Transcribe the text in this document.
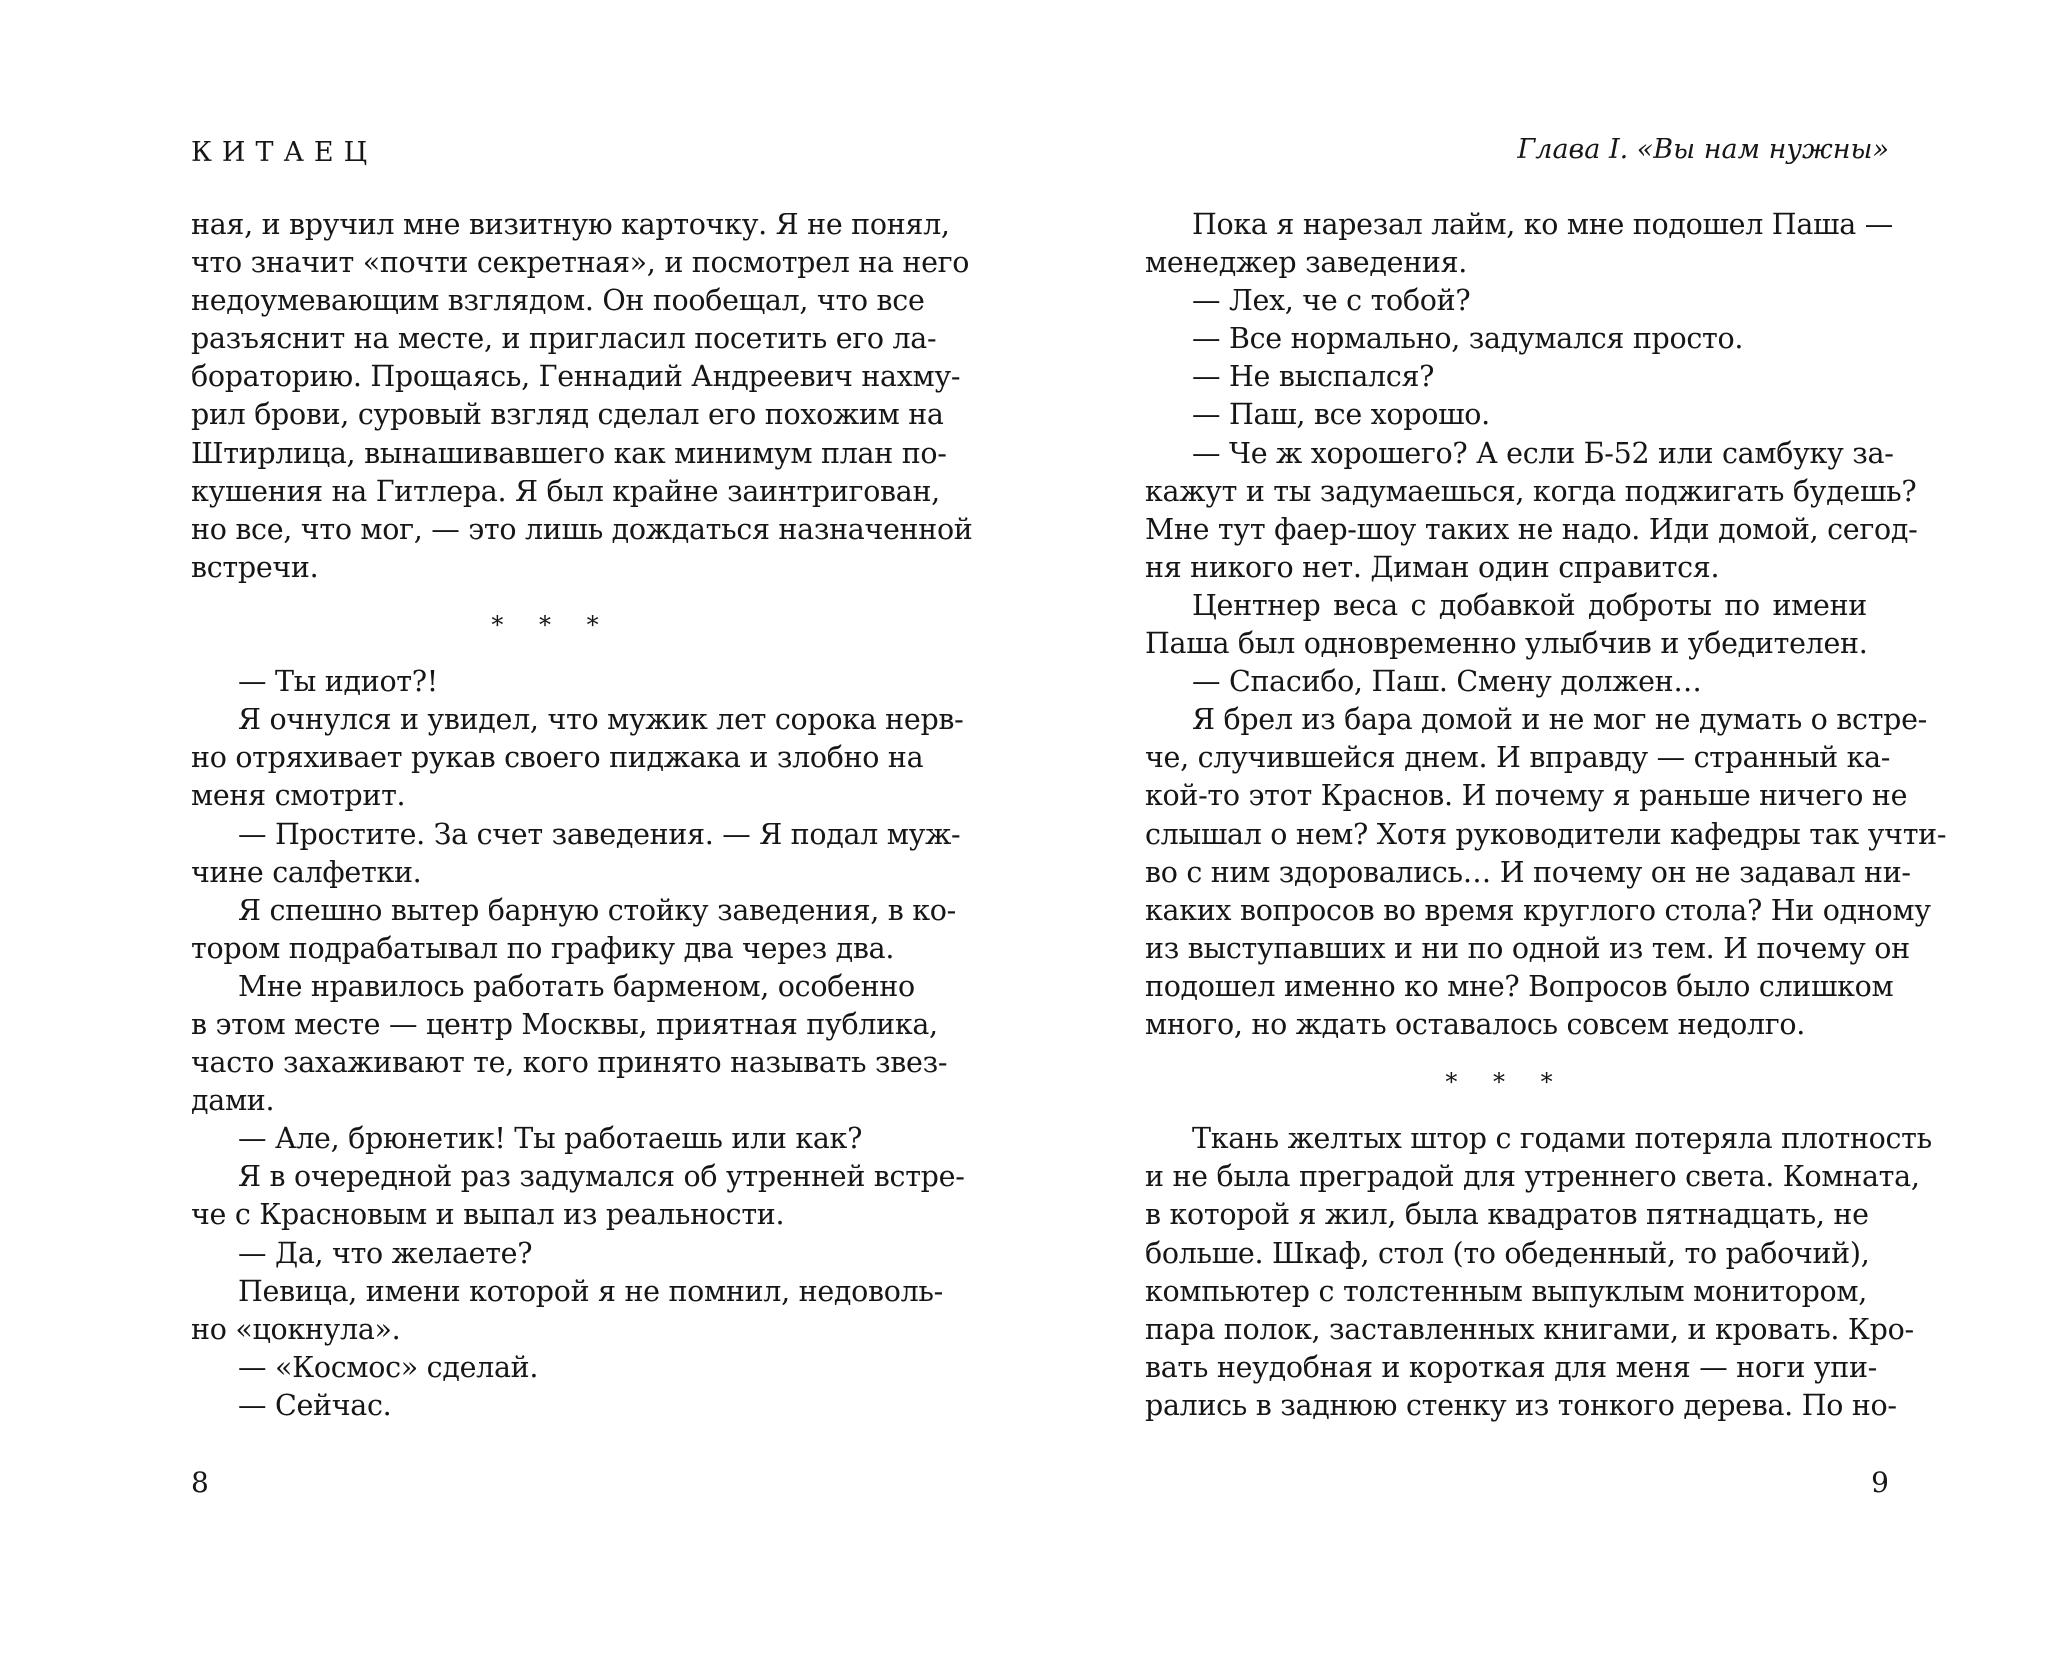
КИТАЕЦ
ная, и вручил мне визитную карточку. Я не понял,
что значит «почти секретная», и посмотрел на него
недоумевающим взглядом. Он пообещал, что все
разъяснит на месте, и пригласил посетить его ла-
бораторию. Прощаясь, Геннадий Андреевич нахму-
рил брови, суровый взгляд сделал его похожим на
Штирлица, вынашивавшего как минимум план по-
кушения на Гитлера. Я был крайне заинтригован,
но все, что мог, — это лишь дождаться назначенной
встречи.
* * *
— Ты идиот?!
Я очнулся и увидел, что мужик лет сорока нерв-
но отряхивает рукав своего пиджака и злобно на
меня смотрит.
— Простите. За счет заведения. — Я подал муж-
чине салфетки.
Я спешно вытер барную стойку заведения, в ко-
тором подрабатывал по графику два через два.
Мне нравилось работать барменом, особенно
в этом месте — центр Москвы, приятная публика,
часто захаживают те, кого принято называть звез-
дами.
— Але, брюнетик! Ты работаешь или как?
Я в очередной раз задумался об утренней встре-
че с Красновым и выпал из реальности.
— Да, что желаете?
Певица, имени которой я не помнил, недоволь-
но «цокнула».
— «Космос» сделай.
— Сейчас.
8
Глава I. «Вы нам нужны»
Пока я нарезал лайм, ко мне подошел Паша —
менеджер заведения.
— Лех, че с тобой?
— Все нормально, задумался просто.
— Не выспался?
— Паш, все хорошо.
— Че ж хорошего? А если Б-52 или самбуку за-
кажут и ты задумаешься, когда поджигать будешь?
Мне тут фаер-шоу таких не надо. Иди домой, сегод-
ня никого нет. Диман один справится.
Центнер веса с добавкой доброты по имени
Паша был одновременно улыбчив и убедителен.
— Спасибо, Паш. Смену должен…
Я брел из бара домой и не мог не думать о встре-
че, случившейся днем. И вправду — странный ка-
кой-то этот Краснов. И почему я раньше ничего не
слышал о нем? Хотя руководители кафедры так учти-
во с ним здоровались… И почему он не задавал ни-
каких вопросов во время круглого стола? Ни одному
из выступавших и ни по одной из тем. И почему он
подошел именно ко мне? Вопросов было слишком
много, но ждать оставалось совсем недолго.
* * *
Ткань желтых штор с годами потеряла плотность
и не была преградой для утреннего света. Комната,
в которой я жил, была квадратов пятнадцать, не
больше. Шкаф, стол (то обеденный, то рабочий),
компьютер с толстенным выпуклым монитором,
пара полок, заставленных книгами, и кровать. Кро-
вать неудобная и короткая для меня — ноги упи-
рались в заднюю стенку из тонкого дерева. По но-
9
